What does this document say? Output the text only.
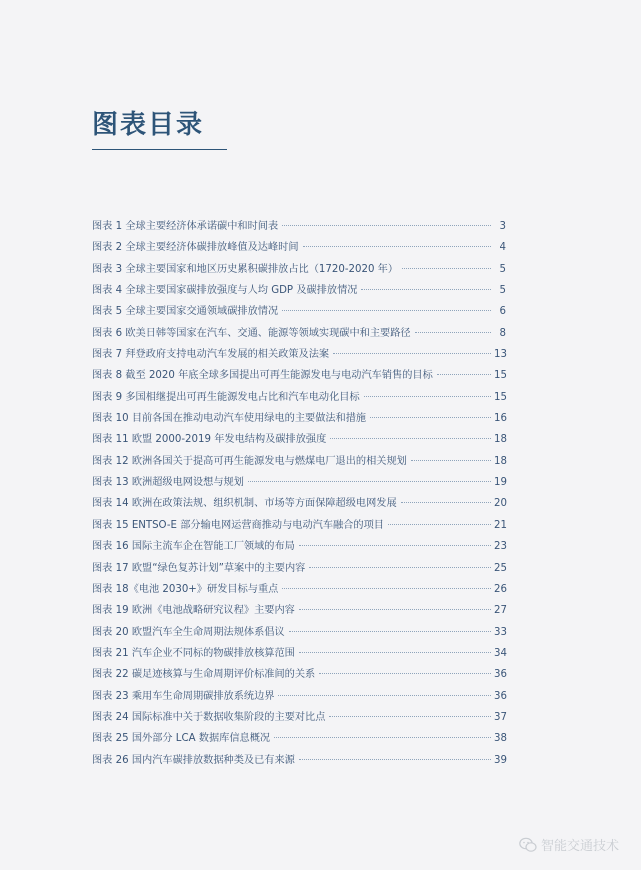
图表目录
图表 1 全球主要经济体承诺碳中和时间表	3
图表 2 全球主要经济体碳排放峰值及达峰时间	4
图表 3 全球主要国家和地区历史累积碳排放占比（1720-2020 年）	5
图表 4 全球主要国家碳排放强度与人均 GDP 及碳排放情况	5
图表 5 全球主要国家交通领域碳排放情况	6
图表 6 欧美日韩等国家在汽车、交通、能源等领域实现碳中和主要路径	8
图表 7 拜登政府支持电动汽车发展的相关政策及法案	13
图表 8 截至 2020 年底全球多国提出可再生能源发电与电动汽车销售的目标	15
图表 9 多国相继提出可再生能源发电占比和汽车电动化目标	15
图表 10 目前各国在推动电动汽车使用绿电的主要做法和措施	16
图表 11 欧盟 2000-2019 年发电结构及碳排放强度	18
图表 12 欧洲各国关于提高可再生能源发电与燃煤电厂退出的相关规划	18
图表 13 欧洲超级电网设想与规划	19
图表 14 欧洲在政策法规、组织机制、市场等方面保障超级电网发展	20
图表 15 ENTSO-E 部分输电网运营商推动与电动汽车融合的项目	21
图表 16 国际主流车企在智能工厂领域的布局	23
图表 17 欧盟“绿色复苏计划”草案中的主要内容	25
图表 18《电池 2030+》研发目标与重点	26
图表 19 欧洲《电池战略研究议程》主要内容	27
图表 20 欧盟汽车全生命周期法规体系倡议	33
图表 21 汽车企业不同标的物碳排放核算范围	34
图表 22 碳足迹核算与生命周期评价标准间的关系	36
图表 23 乘用车生命周期碳排放系统边界	36
图表 24 国际标准中关于数据收集阶段的主要对比点	37
图表 25 国外部分 LCA 数据库信息概况	38
图表 26 国内汽车碳排放数据种类及已有来源	39
智能交通技术
